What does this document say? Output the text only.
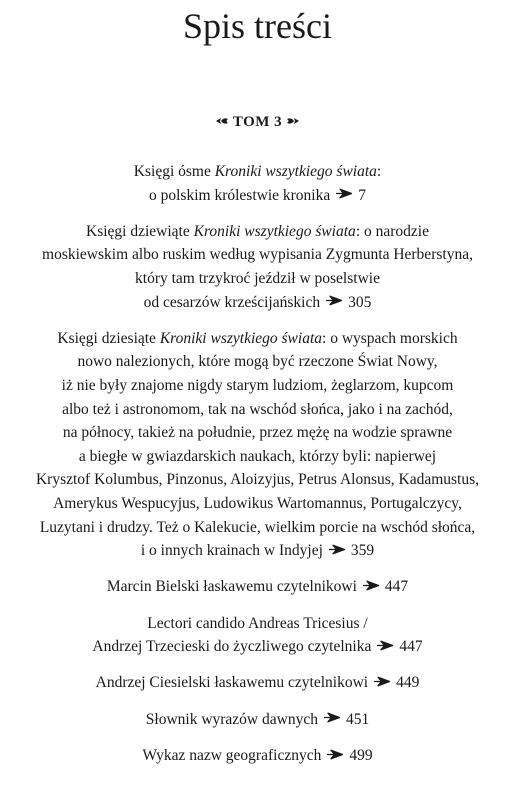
Spis treści
TOM 3
Księgi ósme Kroniki wszytkiego świata:
o polskim królestwie kronika 7
Księgi dziewiąte Kroniki wszytkiego świata: o narodzie
moskiewskim albo ruskim według wypisania Zygmunta Herberstyna,
który tam trzykroć jeździł w poselstwie
od cesarzów krześcijańskich 305
Księgi dziesiąte Kroniki wszytkiego świata: o wyspach morskich
nowo nalezionych, które mogą być rzeczone Świat Nowy,
iż nie były znajome nigdy starym ludziom, żeglarzom, kupcom
albo też i astronomom, tak na wschód słońca, jako i na zachód,
na północy, takież na południe, przez mężę na wodzie sprawne
a biegłe w gwiazdarskich naukach, którzy byli: napierwej
Krysztof Kolumbus, Pinzonus, Aloizyjus, Petrus Alonsus, Kadamustus,
Amerykus Wespucyjus, Ludowikus Wartomannus, Portugalczycy,
Luzytani i drudzy. Też o Kalekucie, wielkim porcie na wschód słońca,
i o innych krainach w Indyjej 359
Marcin Bielski łaskawemu czytelnikowi 447
Lectori candido Andreas Tricesius /
Andrzej Trzecieski do życzliwego czytelnika 447
Andrzej Ciesielski łaskawemu czytelnikowi 449
Słownik wyrazów dawnych 451
Wykaz nazw geograficznych 499
